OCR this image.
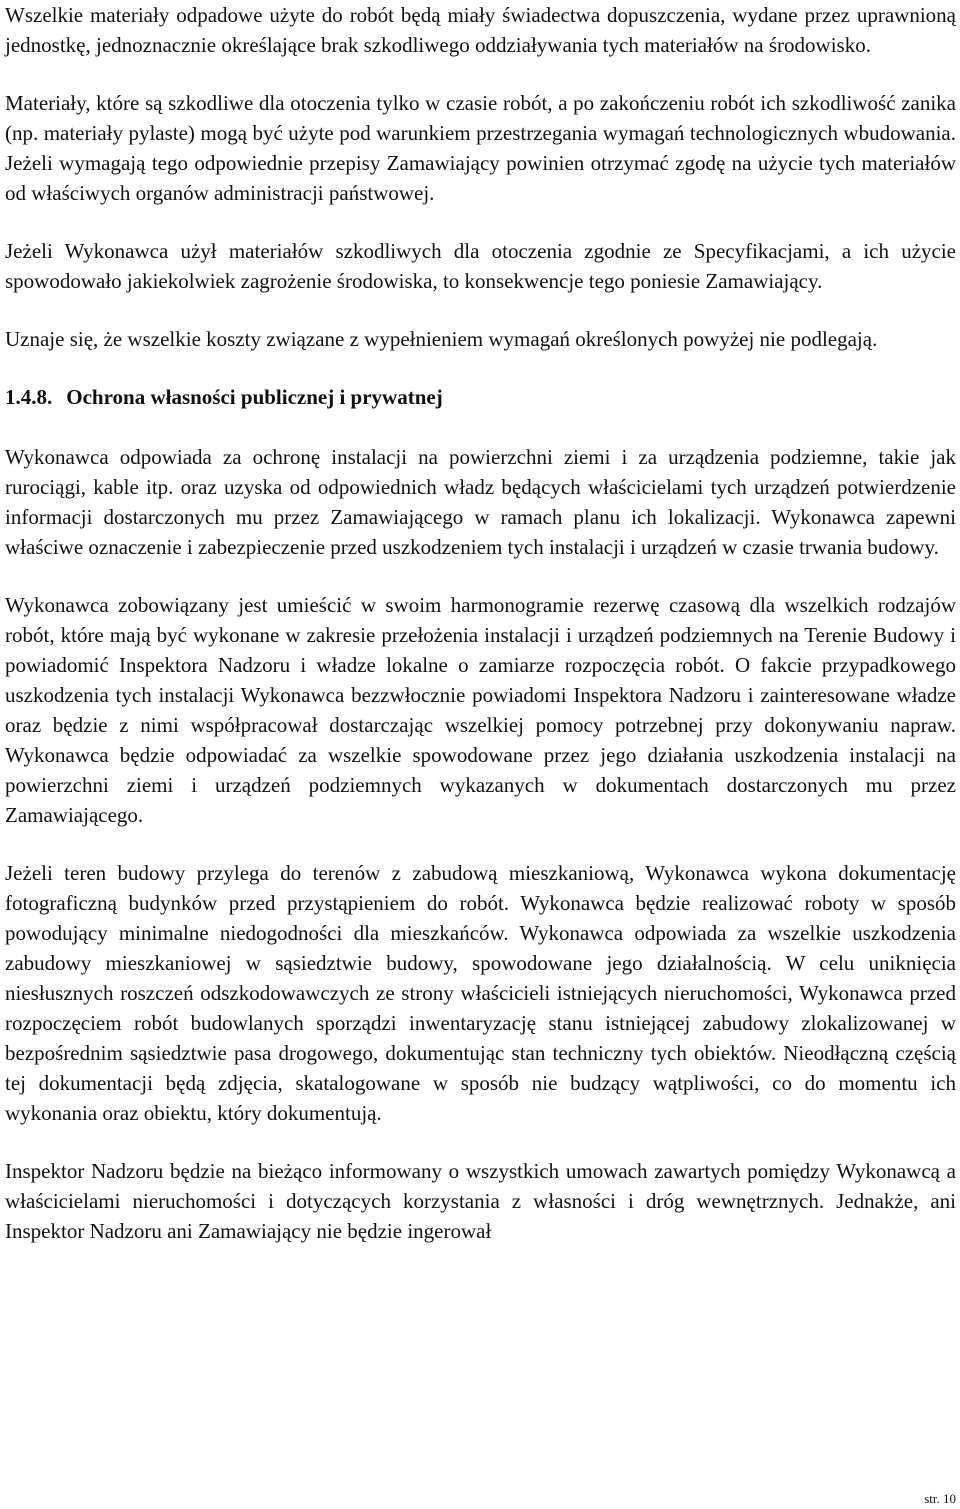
Wszelkie materiały odpadowe użyte do robót będą miały świadectwa dopuszczenia, wydane przez uprawnioną jednostkę, jednoznacznie określające brak szkodliwego oddziaływania tych materiałów na środowisko.

Materiały, które są szkodliwe dla otoczenia tylko w czasie robót, a po zakończeniu robót ich szkodliwość zanika (np. materiały pylaste) mogą być użyte pod warunkiem przestrzegania wymagań technologicznych wbudowania. Jeżeli wymagają tego odpowiednie przepisy Zamawiający powinien otrzymać zgodę na użycie tych materiałów od właściwych organów administracji państwowej.

Jeżeli Wykonawca użył materiałów szkodliwych dla otoczenia zgodnie ze Specyfikacjami, a ich użycie spowodowało jakiekolwiek zagrożenie środowiska, to konsekwencje tego poniesie Zamawiający.

Uznaje się, że wszelkie koszty związane z wypełnieniem wymagań określonych powyżej nie podlegają.

1.4.8. Ochrona własności publicznej i prywatnej

Wykonawca odpowiada za ochronę instalacji na powierzchni ziemi i za urządzenia podziemne, takie jak rurociągi, kable itp. oraz uzyska od odpowiednich władz będących właścicielami tych urządzeń potwierdzenie informacji dostarczonych mu przez Zamawiającego w ramach planu ich lokalizacji. Wykonawca zapewni właściwe oznaczenie i zabezpieczenie przed uszkodzeniem tych instalacji i urządzeń w czasie trwania budowy.

Wykonawca zobowiązany jest umieścić w swoim harmonogramie rezerwę czasową dla wszelkich rodzajów robót, które mają być wykonane w zakresie przełożenia instalacji i urządzeń podziemnych na Terenie Budowy i powiadomić Inspektora Nadzoru i władze lokalne o zamiarze rozpoczęcia robót. O fakcie przypadkowego uszkodzenia tych instalacji Wykonawca bezzwłocznie powiadomi Inspektora Nadzoru i zainteresowane władze oraz będzie z nimi współpracował dostarczając wszelkiej pomocy potrzebnej przy dokonywaniu napraw. Wykonawca będzie odpowiadać za wszelkie spowodowane przez jego działania uszkodzenia instalacji na powierzchni ziemi i urządzeń podziemnych wykazanych w dokumentach dostarczonych mu przez Zamawiającego.

Jeżeli teren budowy przylega do terenów z zabudową mieszkaniową, Wykonawca wykona dokumentację fotograficzną budynków przed przystąpieniem do robót. Wykonawca będzie realizować roboty w sposób powodujący minimalne niedogodności dla mieszkańców. Wykonawca odpowiada za wszelkie uszkodzenia zabudowy mieszkaniowej w sąsiedztwie budowy, spowodowane jego działalnością. W celu uniknięcia niesłusznych roszczeń odszkodowawczych ze strony właścicieli istniejących nieruchomości, Wykonawca przed rozpoczęciem robót budowlanych sporządzi inwentaryzację stanu istniejącej zabudowy zlokalizowanej w bezpośrednim sąsiedztwie pasa drogowego, dokumentując stan techniczny tych obiektów. Nieodłączną częścią tej dokumentacji będą zdjęcia, skatalogowane w sposób nie budzący wątpliwości, co do momentu ich wykonania oraz obiektu, który dokumentują.

Inspektor Nadzoru będzie na bieżąco informowany o wszystkich umowach zawartych pomiędzy Wykonawcą a właścicielami nieruchomości i dotyczących korzystania z własności i dróg wewnętrznych. Jednakże, ani Inspektor Nadzoru ani Zamawiający nie będzie ingerował

str. 10
